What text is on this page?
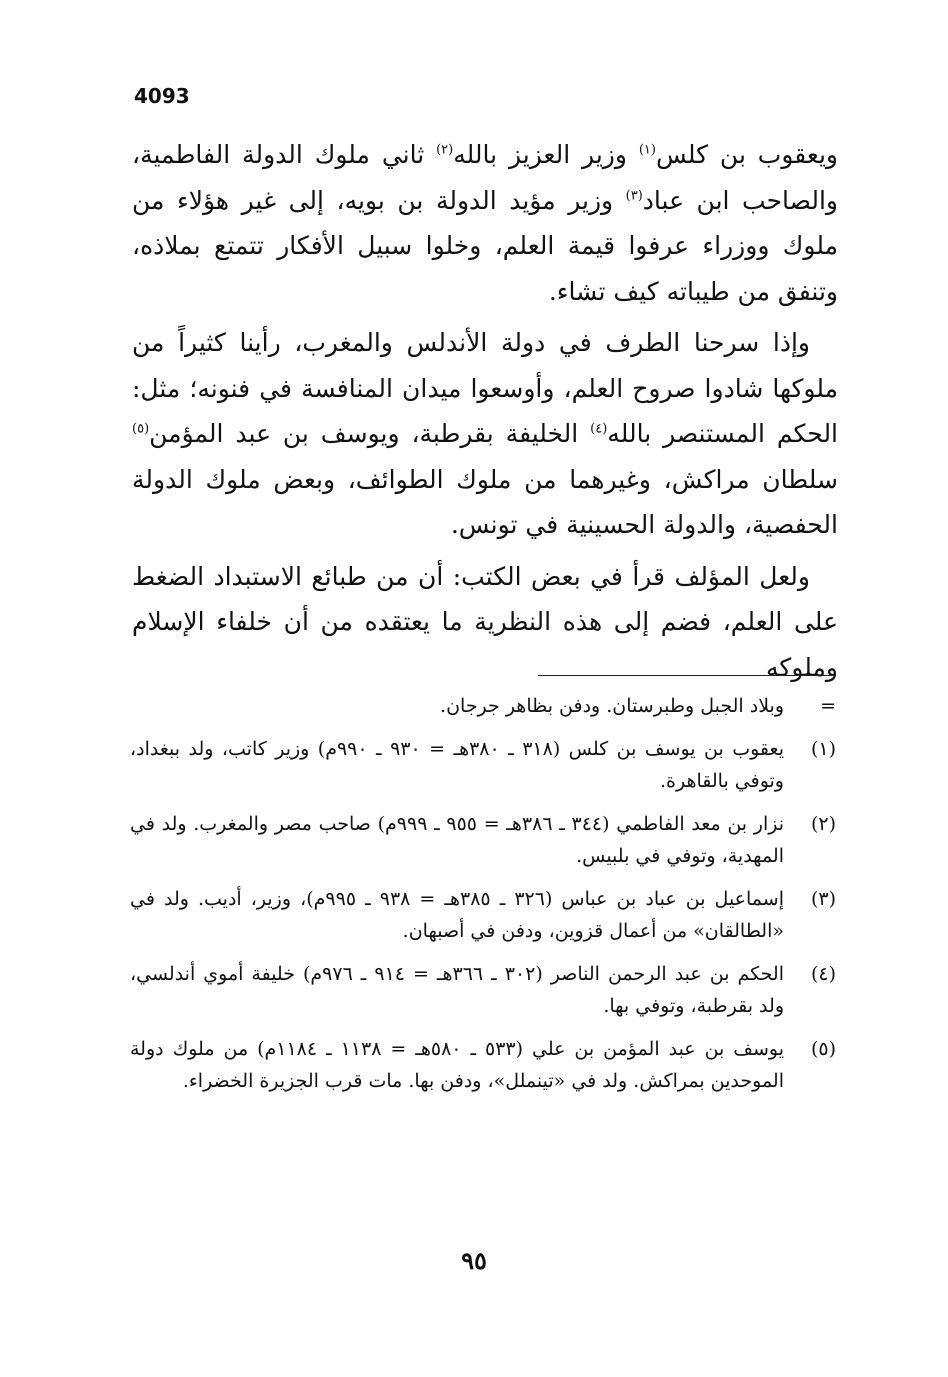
4093

ويعقوب بن كلس$^{(١)}$ وزير العزيز بالله$^{(٢)}$ ثاني ملوك الدولة الفاطمية، والصاحب ابن عباد$^{(٣)}$ وزير مؤيد الدولة بن بويه، إلى غير هؤلاء من ملوك ووزراء عرفوا قيمة العلم، وخلوا سبيل الأفكار تتمتع بملاذه، وتنفق من طيباته كيف تشاء.

وإذا سرحنا الطرف في دولة الأندلس والمغرب، رأينا كثيراً من ملوكها شادوا صروح العلم، وأوسعوا ميدان المنافسة في فنونه؛ مثل: الحكم المستنصر بالله$^{(٤)}$ الخليفة بقرطبة، ويوسف بن عبد المؤمن$^{(٥)}$ سلطان مراكش، وغيرهما من ملوك الطوائف، وبعض ملوك الدولة الحفصية، والدولة الحسينية في تونس.

ولعل المؤلف قرأ في بعض الكتب: أن من طبائع الاستبداد الضغط على العلم، فضم إلى هذه النظرية ما يعتقده من أن خلفاء الإسلام وملوكه

=
وبلاد الجبل وطبرستان. ودفن بظاهر جرجان.
(١)
يعقوب بن يوسف بن كلس (٣١٨ ـ ٣٨٠هـ = ٩٣٠ ـ ٩٩٠م) وزير كاتب، ولد ببغداد، وتوفي بالقاهرة.
(٢)
نزار بن معد الفاطمي (٣٤٤ ـ ٣٨٦هـ = ٩٥٥ ـ ٩٩٩م) صاحب مصر والمغرب. ولد في المهدية، وتوفي في بلبيس.
(٣)
إسماعيل بن عباد بن عباس (٣٢٦ ـ ٣٨٥هـ = ٩٣٨ ـ ٩٩٥م)، وزير، أديب. ولد في «الطالقان» من أعمال قزوين، ودفن في أصبهان.
(٤)
الحكم بن عبد الرحمن الناصر (٣٠٢ ـ ٣٦٦هـ = ٩١٤ ـ ٩٧٦م) خليفة أموي أندلسي، ولد بقرطبة، وتوفي بها.
(٥)
يوسف بن عبد المؤمن بن علي (٥٣٣ ـ ٥٨٠هـ = ١١٣٨ ـ ١١٨٤م) من ملوك دولة الموحدين بمراكش. ولد في «تينملل»، ودفن بها. مات قرب الجزيرة الخضراء.
٩٥
